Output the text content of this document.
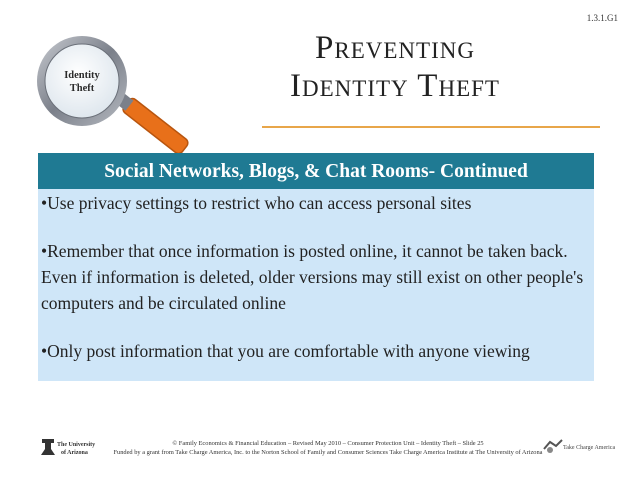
1.3.1.G1
Identity
Theft
Preventing
Identity Theft
Social Networks, Blogs, & Chat Rooms- Continued

•Use privacy settings to restrict who can access personal sites

•Remember that once information is posted online, it cannot be taken back. Even if information is deleted, older versions may still exist on other people's computers and be circulated online

•Only post information that you are comfortable with anyone viewing

The University
of Arizona
© Family Economics & Financial Education – Revised May 2010 – Consumer Protection Unit – Identity Theft – Slide 25
Funded by a grant from Take Charge America, Inc. to the Norton School of Family and Consumer Sciences Take Charge America Institute at The University of Arizona
Take Charge America
